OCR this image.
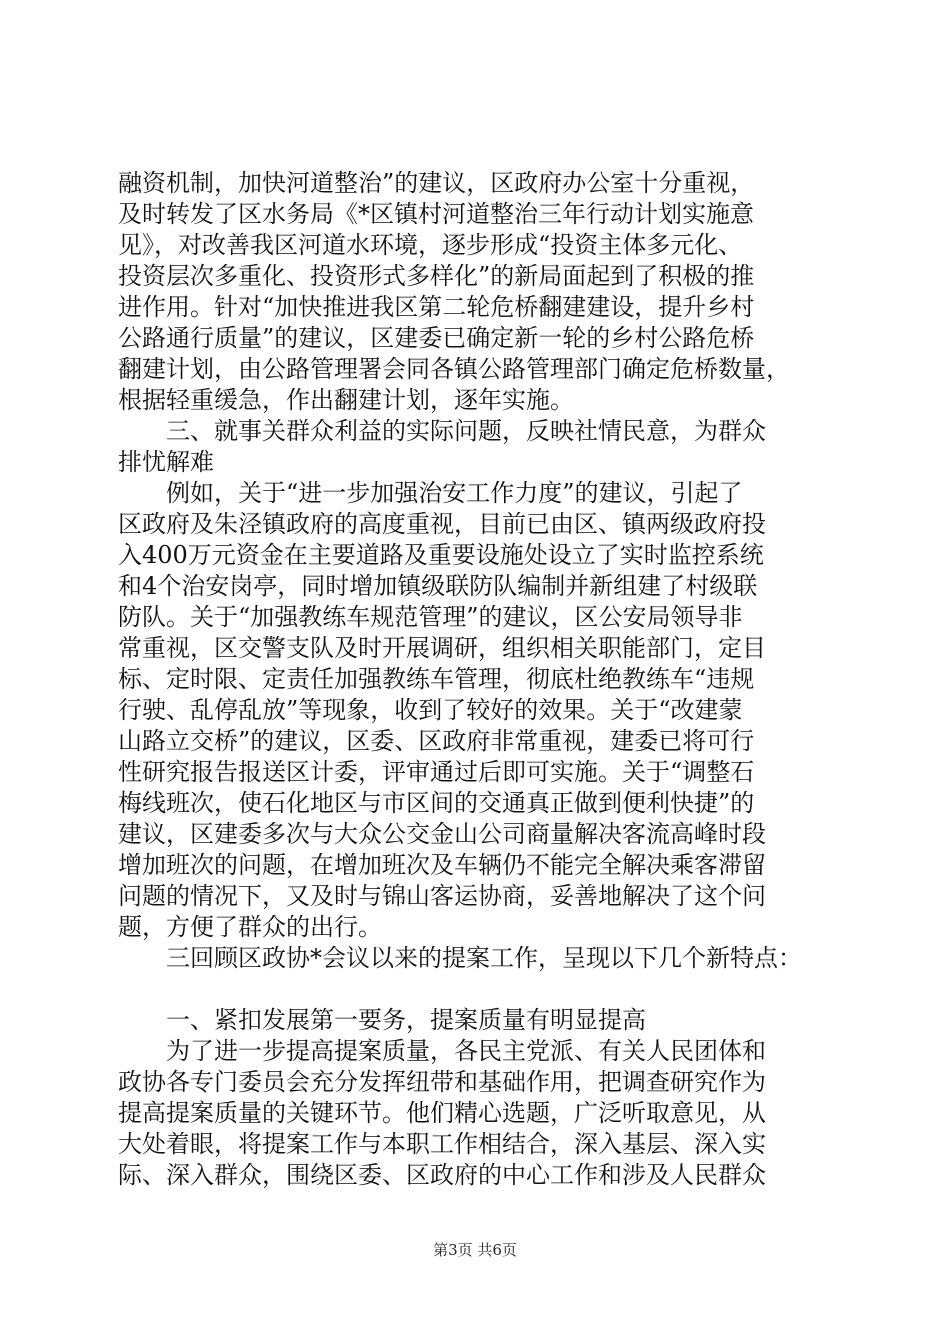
融资机制，加快河道整治”的建议，区政府办公室十分重视，
及时转发了区水务局《*区镇村河道整治三年行动计划实施意
见》，对改善我区河道水环境，逐步形成“投资主体多元化、
投资层次多重化、投资形式多样化”的新局面起到了积极的推
进作用。针对“加快推进我区第二轮危桥翻建建设，提升乡村
公路通行质量”的建议，区建委已确定新一轮的乡村公路危桥
翻建计划，由公路管理署会同各镇公路管理部门确定危桥数量，
根据轻重缓急，作出翻建计划，逐年实施。
三、就事关群众利益的实际问题，反映社情民意，为群众
排忧解难
例如，关于“进一步加强治安工作力度”的建议，引起了
区政府及朱泾镇政府的高度重视，目前已由区、镇两级政府投
入400万元资金在主要道路及重要设施处设立了实时监控系统
和4个治安岗亭，同时增加镇级联防队编制并新组建了村级联
防队。关于“加强教练车规范管理”的建议，区公安局领导非
常重视，区交警支队及时开展调研，组织相关职能部门，定目
标、定时限、定责任加强教练车管理，彻底杜绝教练车“违规
行驶、乱停乱放”等现象，收到了较好的效果。关于“改建蒙
山路立交桥”的建议，区委、区政府非常重视，建委已将可行
性研究报告报送区计委，评审通过后即可实施。关于“调整石
梅线班次，使石化地区与市区间的交通真正做到便利快捷”的
建议，区建委多次与大众公交金山公司商量解决客流高峰时段
增加班次的问题，在增加班次及车辆仍不能完全解决乘客滞留
问题的情况下，又及时与锦山客运协商，妥善地解决了这个问
题，方便了群众的出行。
三回顾区政协*会议以来的提案工作，呈现以下几个新特点：
一、紧扣发展第一要务，提案质量有明显提高
为了进一步提高提案质量，各民主党派、有关人民团体和
政协各专门委员会充分发挥纽带和基础作用，把调查研究作为
提高提案质量的关键环节。他们精心选题，广泛听取意见，从
大处着眼，将提案工作与本职工作相结合，深入基层、深入实
际、深入群众，围绕区委、区政府的中心工作和涉及人民群众
第3页 共6页
